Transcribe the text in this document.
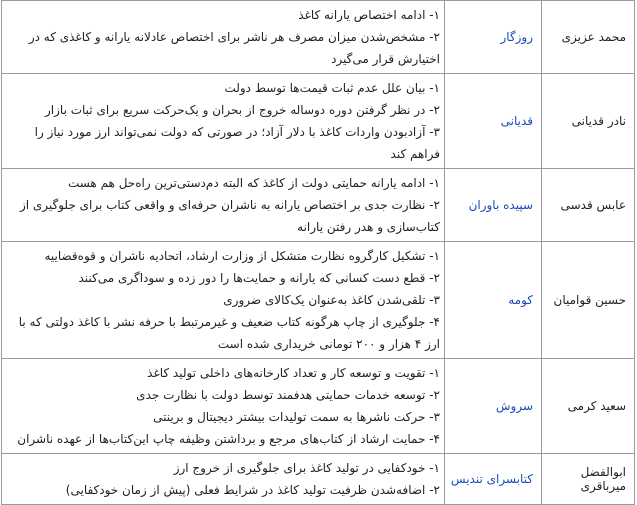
محمد عزیزی	روزگار	۱- ادامه اختصاص یارانه کاغذ
۲- مشخص‌شدن میزان مصرف هر ناشر برای اختصاص عادلانه یارانه و کاغذی که در اختیارش قرار می‌گیرد

نادر قدیانی	قدیانی	۱- بیان علل عدم ثبات قیمت‌ها توسط دولت
۲- در نظر گرفتن دوره دوساله خروج از بحران و یک‌حرکت سریع برای ثبات بازار
۳- آزادبودن واردات کاغذ با دلار آزاد؛ در صورتی که دولت نمی‌تواند ارز مورد نیاز را فراهم کند

عابس قدسی	سپیده باوران	۱- ادامه یارانه حمایتی دولت از کاغذ که البته دم‌دستی‌ترین راه‌حل هم هست
۲- نظارت جدی بر اختصاص یارانه به ناشران حرفه‌ای و واقعی کتاب برای جلوگیری از کتاب‌سازی و هدر رفتن یارانه

حسین قوامیان	کومه	۱- تشکیل کارگروه نظارت متشکل از وزارت ارشاد، اتحادیه ناشران و قوه‌قضاییه
۲- قطع دست کسانی که یارانه و حمایت‌ها را دور زده و سوداگری می‌کنند
۳- تلقی‌شدن کاغذ به‌عنوان یک‌کالای ضروری
۴- جلوگیری از چاپ هرگونه کتاب ضعیف و غیرمرتبط با حرفه نشر با کاغذ دولتی که با ارز ۴ هزار و ۲۰۰ تومانی خریداری شده است

سعید کرمی	سروش	۱- تقویت و توسعه کار و تعداد کارخانه‌های داخلی تولید کاغذ
۲- توسعه خدمات حمایتی هدفمند توسط دولت با نظارت جدی
۳- حرکت ناشرها به سمت تولیدات بیشتر دیجیتال و برینتی
۴- حمایت ارشاد از کتاب‌های مرجع و برداشتن وظیفه چاپ این‌کتاب‌ها از عهده ناشران

ابوالفضل میرباقری	کتابسرای تندیس	۱- خودکفایی در تولید کاغذ برای جلوگیری از خروج ارز
۲- اضافه‌شدن ظرفیت تولید کاغذ در شرایط فعلی (پیش از زمان خودکفایی)
